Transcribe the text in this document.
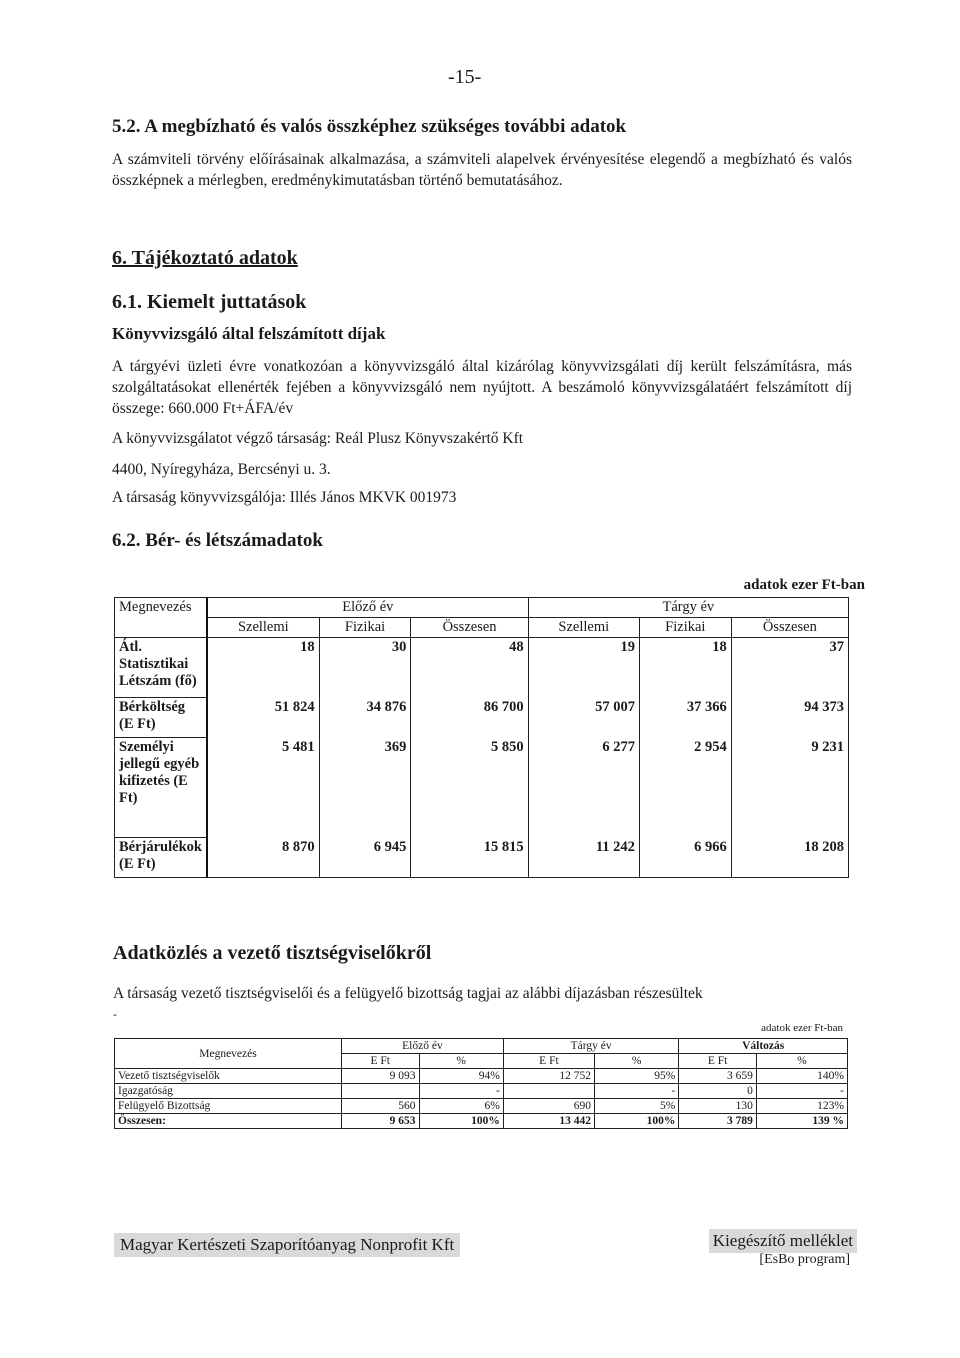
-15-
5.2. A megbízható és valós összképhez szükséges további adatok
A számviteli törvény előírásainak alkalmazása, a számviteli alapelvek érvényesítése elegendő a megbízható és valós összképnek a mérlegben, eredménykimutatásban történő bemutatásához.
6. Tájékoztató adatok
6.1. Kiemelt juttatások
Könyvvizsgáló által felszámított díjak
A tárgyévi üzleti évre vonatkozóan a könyvvizsgáló által kizárólag könyvvizsgálati díj került felszámításra, más szolgáltatásokat ellenérték fejében a könyvvizsgáló nem nyújtott. A beszámoló könyvvizsgálatáért felszámított díj összege: 660.000 Ft+ÁFA/év
A könyvvizsgálatot végző társaság: Reál Plusz Könyvszakértő Kft
4400, Nyíregyháza, Bercsényi u. 3.
A társaság könyvvizsgálója: Illés János MKVK 001973
6.2. Bér- és létszámadatok
adatok ezer Ft-ban
Megnevezés	Előző év			Tárgy év		
	Szellemi	Fizikai	Összesen	Szellemi	Fizikai	Összesen
Átl. Statisztikai Létszám (fő)	18	30	48	19	18	37
Bérköltség (E Ft)	51 824	34 876	86 700	57 007	37 366	94 373
Személyi jellegű egyéb kifizetés (E Ft)	5 481	369	5 850	6 277	2 954	9 231
Bérjárulékok (E Ft)	8 870	6 945	15 815	11 242	6 966	18 208
Adatközlés a vezető tisztségviselőkről
A társaság vezető tisztségviselői és a felügyelő bizottság tagjai az alábbi díjazásban részesültek
-
adatok ezer Ft-ban
Megnevezés	Előző év		Tárgy év		Változás	
	E Ft	%	E Ft	%	E Ft	%
Vezető tisztségviselők	9 093	94%	12 752	95%	3 659	140%
Igazgatóság		-		-	0	-
Felügyelő Bizottság	560	6%	690	5%	130	123%
Összesen:	9 653	100%	13 442	100%	3 789	139 %
Magyar Kertészeti Szaporítóanyag Nonprofit Kft	Kiegészítő melléklet
[EsBo program]
